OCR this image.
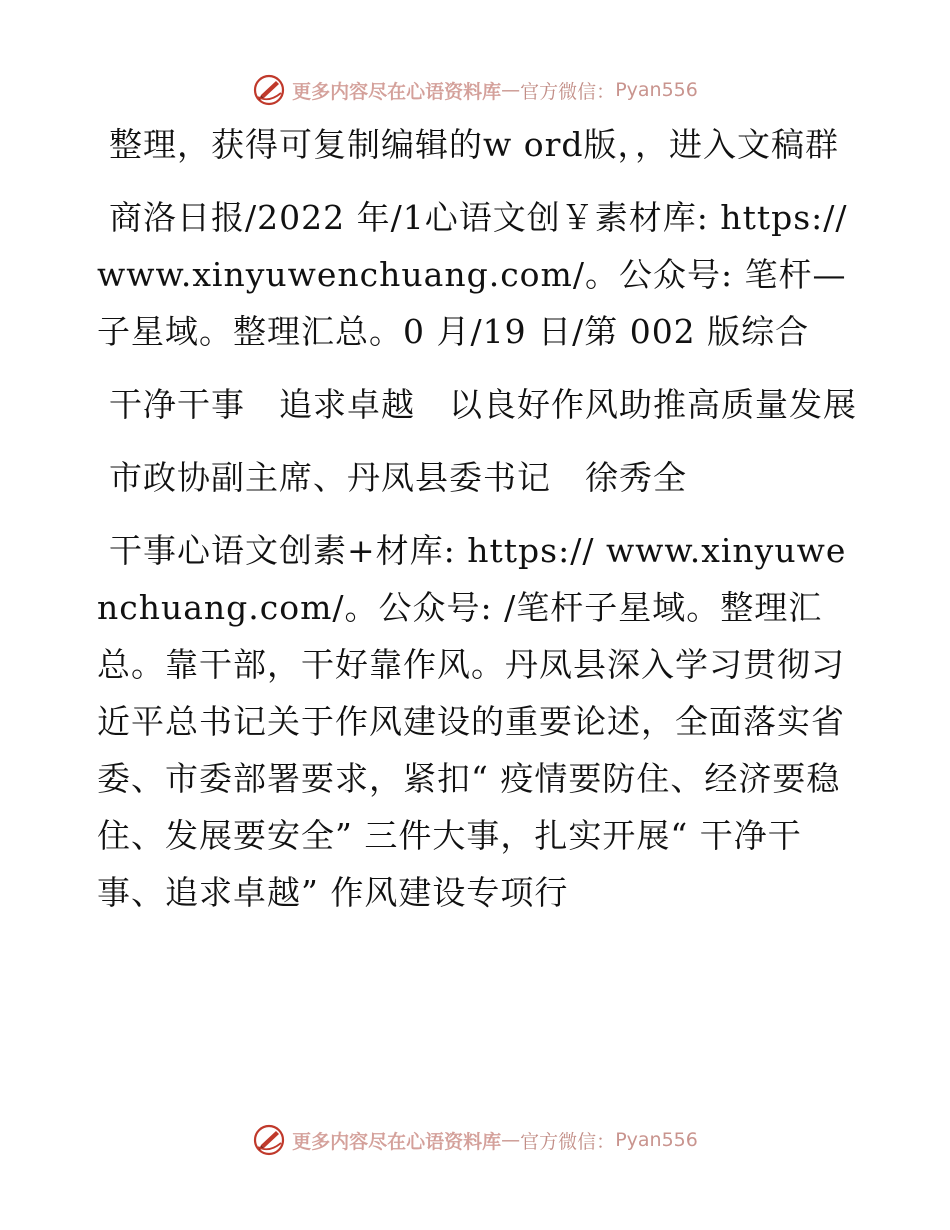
更多内容尽在心语资料库 — 官方微信： Pyan556

整理，获得可复制编辑的w ord版，，进入文稿群

商洛日报/2022 年/1心语文创￥素材库: https://www.xinyuwenchuang.com/。公众号: 笔杆—子星域。整理汇总。0 月/19 日/第 002 版综合

干净干事　追求卓越　以良好作风助推高质量发展

市政协副主席、丹凤县委书记　徐秀全

干事心语文创素+材库: https:// www.xinyuwenchuang.com/。公众号: /笔杆子星域。整理汇总。靠干部，干好靠作风。丹凤县深入学习贯彻习近平总书记关于作风建设的重要论述，全面落实省委、市委部署要求，紧扣“ 疫情要防住、经济要稳住、发展要安全” 三件大事，扎实开展“ 干净干事、追求卓越” 作风建设专项行

更多内容尽在心语资料库 — 官方微信： Pyan556
